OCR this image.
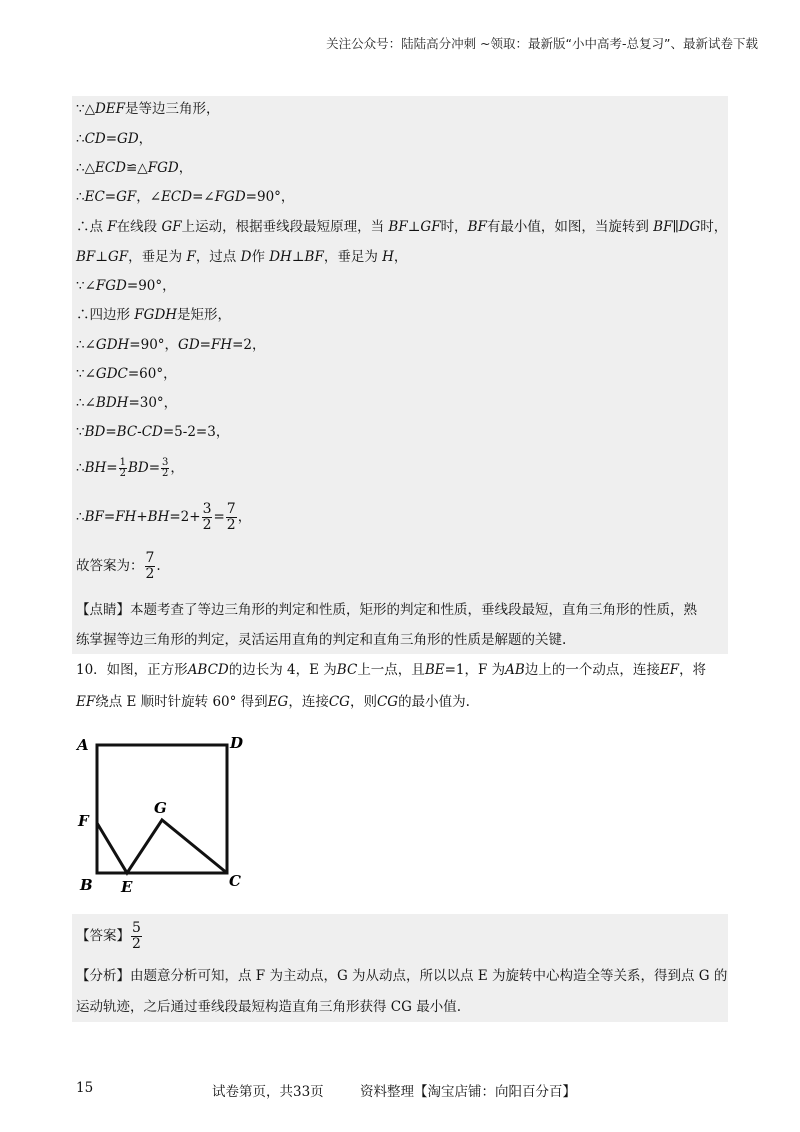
关注公众号：陆陆高分冲刺 ~领取：最新版“小中高考-总复习”、最新试卷下载
∵△DEF是等边三角形，
∴CD=GD，
∴△ECD≌△FGD，
∴EC=GF，∠ECD=∠FGD=90°，
∴点 F在线段 GF上运动，根据垂线段最短原理，当 BF⊥GF时，BF有最小值，如图，当旋转到 BF∥DG时，
BF⊥GF，垂足为 F，过点 D作 DH⊥BF，垂足为 H，
∵∠FGD=90°，
∴四边形 FGDH是矩形，
∴∠GDH=90°，GD=FH=2，
∵∠GDC=60°，
∴∠BDH=30°，
∵BD=BC-CD=5-2=3，
∴BH= $\frac{1}{2} BD= \frac{3}{2}$ ，
∴BF=FH+BH=2+ $\frac{3}{2} = \frac{7}{2}$ ，
故答案为： $\frac{7}{2}$ .
【点睛】本题考查了等边三角形的判定和性质，矩形的判定和性质，垂线段最短，直角三角形的性质，熟
练掌握等边三角形的判定，灵活运用直角的判定和直角三角形的性质是解题的关键.
10．如图，正方形ABCD的边长为 4，E 为BC上一点，且BE=1，F 为AB边上的一个动点，连接EF，将
EF绕点 E 顺时针旋转 60° 得到EG，连接CG，则CG的最小值为.
A	D
F
G
B E	C
【答案】 $\frac{5}{2}$
【分析】由题意分析可知，点 F 为主动点，G 为从动点，所以以点 E 为旋转中心构造全等关系，得到点 G 的
运动轨迹，之后通过垂线段最短构造直角三角形获得 CG 最小值.
15	试卷第页，共33页	资料整理【淘宝店铺：向阳百分百】
